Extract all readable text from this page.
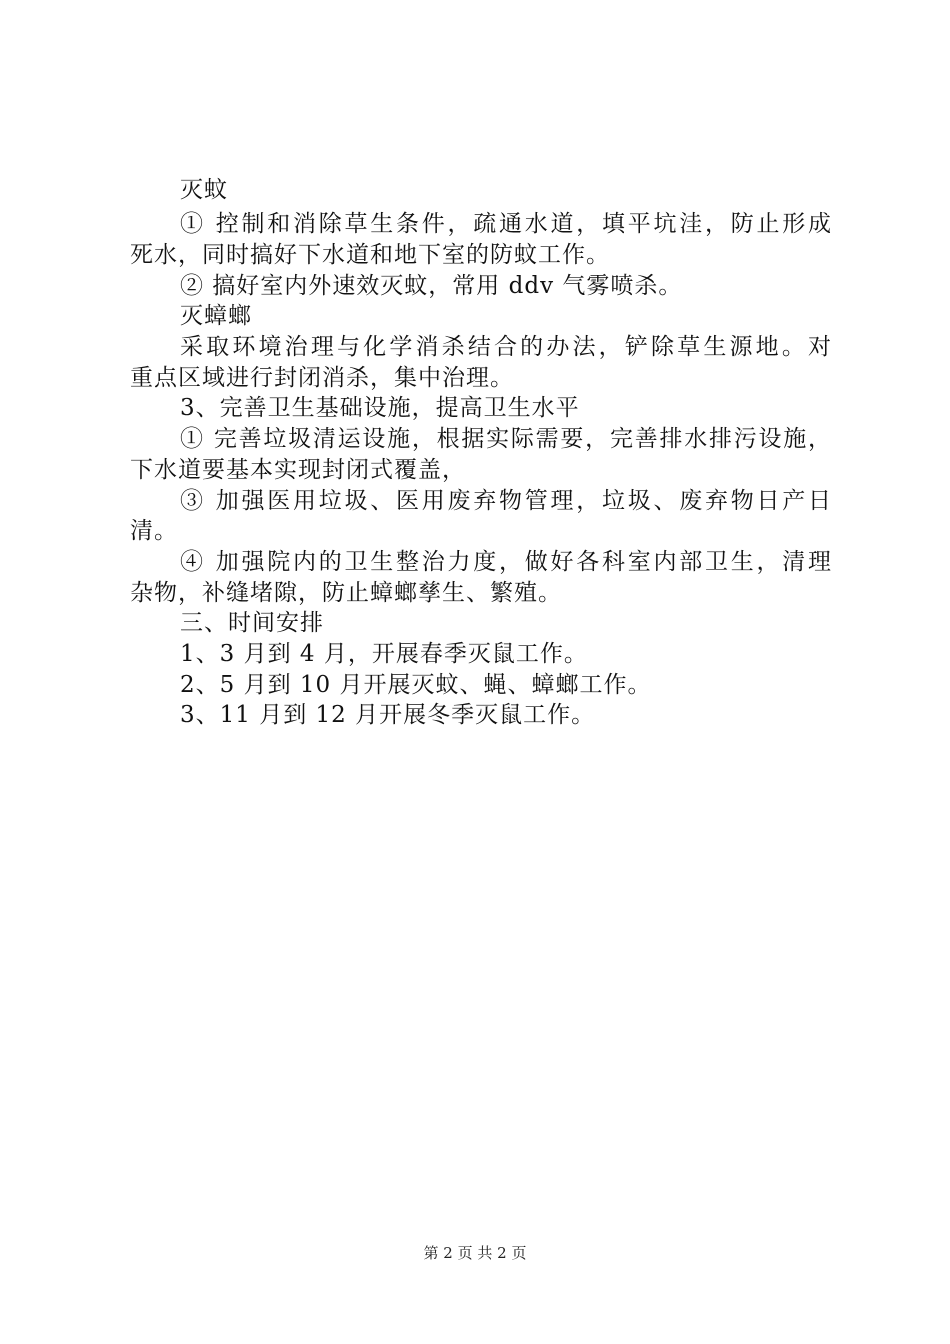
灭蚊
① 控制和消除草生条件，疏通水道，填平坑洼，防止形成
死水，同时搞好下水道和地下室的防蚊工作。
② 搞好室内外速效灭蚊，常用 ddv 气雾喷杀。
灭蟑螂
采取环境治理与化学消杀结合的办法，铲除草生源地。对
重点区域进行封闭消杀，集中治理。
3、完善卫生基础设施，提高卫生水平
① 完善垃圾清运设施，根据实际需要，完善排水排污设施，
下水道要基本实现封闭式覆盖，
③ 加强医用垃圾、医用废弃物管理，垃圾、废弃物日产日
清。
④ 加强院内的卫生整治力度，做好各科室内部卫生，清理
杂物，补缝堵隙，防止蟑螂孳生、繁殖。
三、时间安排
1、3 月到 4 月，开展春季灭鼠工作。
2、5 月到 10 月开展灭蚊、蝇、蟑螂工作。
3、11 月到 12 月开展冬季灭鼠工作。
第 2 页 共 2 页
